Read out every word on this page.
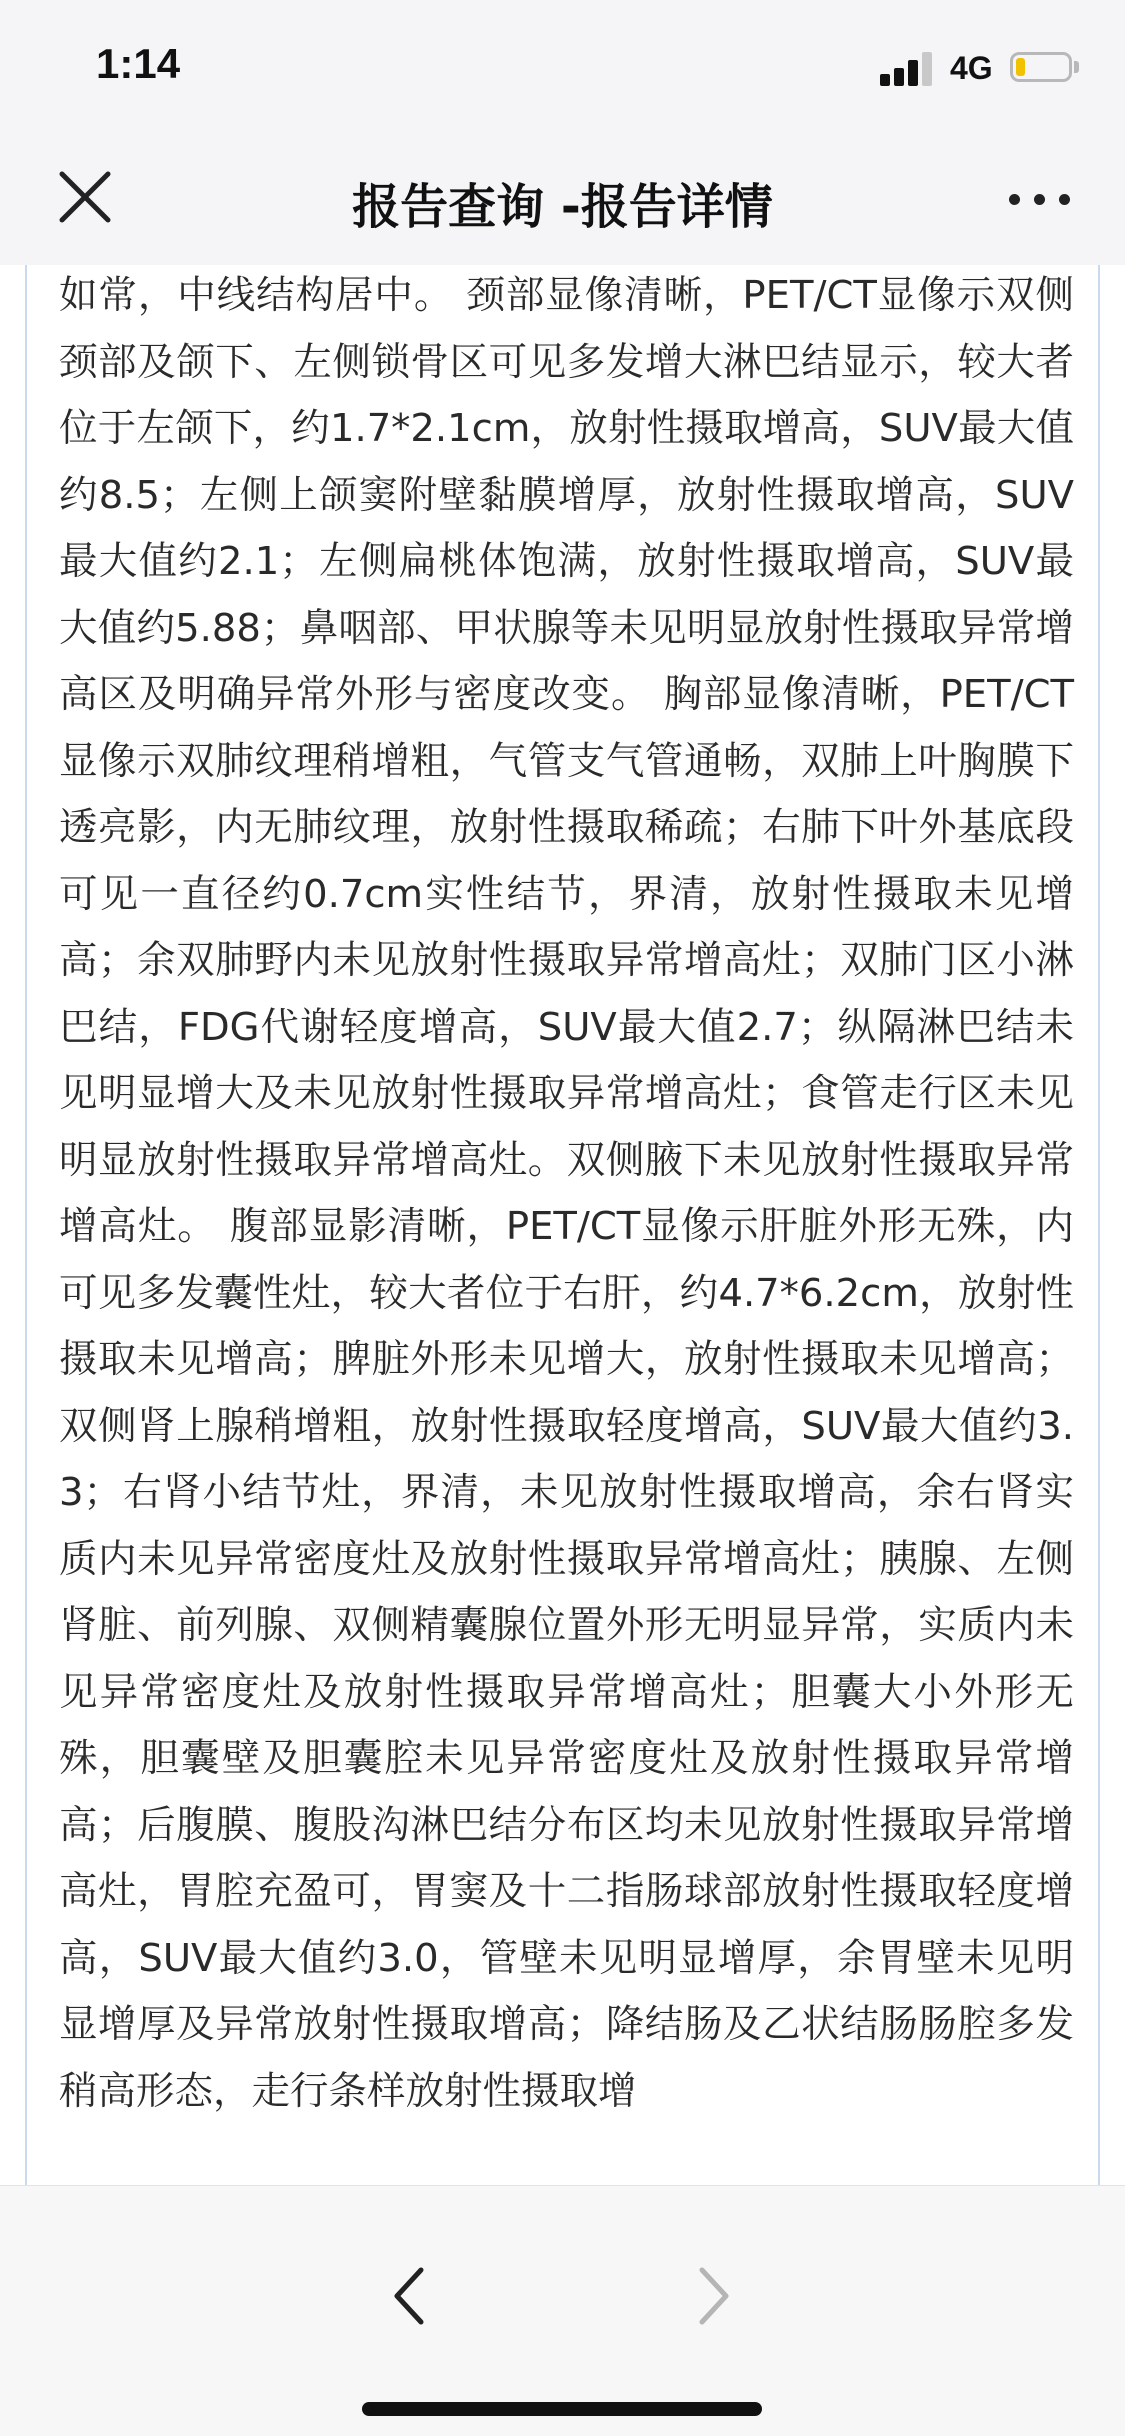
1:14	4G
报告查询 -报告详情

如常，中线结构居中。 颈部显像清晰，PET/CT显像示双侧颈部及颌下、左侧锁骨区可见多发增大淋巴结显示，较大者位于左颌下，约1.7*2.1cm，放射性摄取增高，SUV最大值约8.5；左侧上颌窦附壁黏膜增厚，放射性摄取增高，SUV最大值约2.1；左侧扁桃体饱满，放射性摄取增高，SUV最大值约5.88；鼻咽部、甲状腺等未见明显放射性摄取异常增高区及明确异常外形与密度改变。 胸部显像清晰，PET/CT显像示双肺纹理稍增粗，气管支气管通畅，双肺上叶胸膜下透亮影，内无肺纹理，放射性摄取稀疏；右肺下叶外基底段可见一直径约0.7cm实性结节，界清，放射性摄取未见增高；余双肺野内未见放射性摄取异常增高灶；双肺门区小淋巴结，FDG代谢轻度增高，SUV最大值2.7；纵隔淋巴结未见明显增大及未见放射性摄取异常增高灶；食管走行区未见明显放射性摄取异常增高灶。双侧腋下未见放射性摄取异常增高灶。 腹部显影清晰，PET/CT显像示肝脏外形无殊，内可见多发囊性灶，较大者位于右肝，约4.7*6.2cm，放射性摄取未见增高；脾脏外形未见增大，放射性摄取未见增高；双侧肾上腺稍增粗，放射性摄取轻度增高，SUV最大值约3.3；右肾小结节灶，界清，未见放射性摄取增高，余右肾实质内未见异常密度灶及放射性摄取异常增高灶；胰腺、左侧肾脏、前列腺、双侧精囊腺位置外形无明显异常，实质内未见异常密度灶及放射性摄取异常增高灶；胆囊大小外形无殊，胆囊壁及胆囊腔未见异常密度灶及放射性摄取异常增高；后腹膜、腹股沟淋巴结分布区均未见放射性摄取异常增高灶，胃腔充盈可，胃窦及十二指肠球部放射性摄取轻度增高，SUV最大值约3.0，管壁未见明显增厚，余胃壁未见明显增厚及异常放射性摄取增高；降结肠及乙状结肠肠腔多发稍高形态，走行条样放射性摄取增
